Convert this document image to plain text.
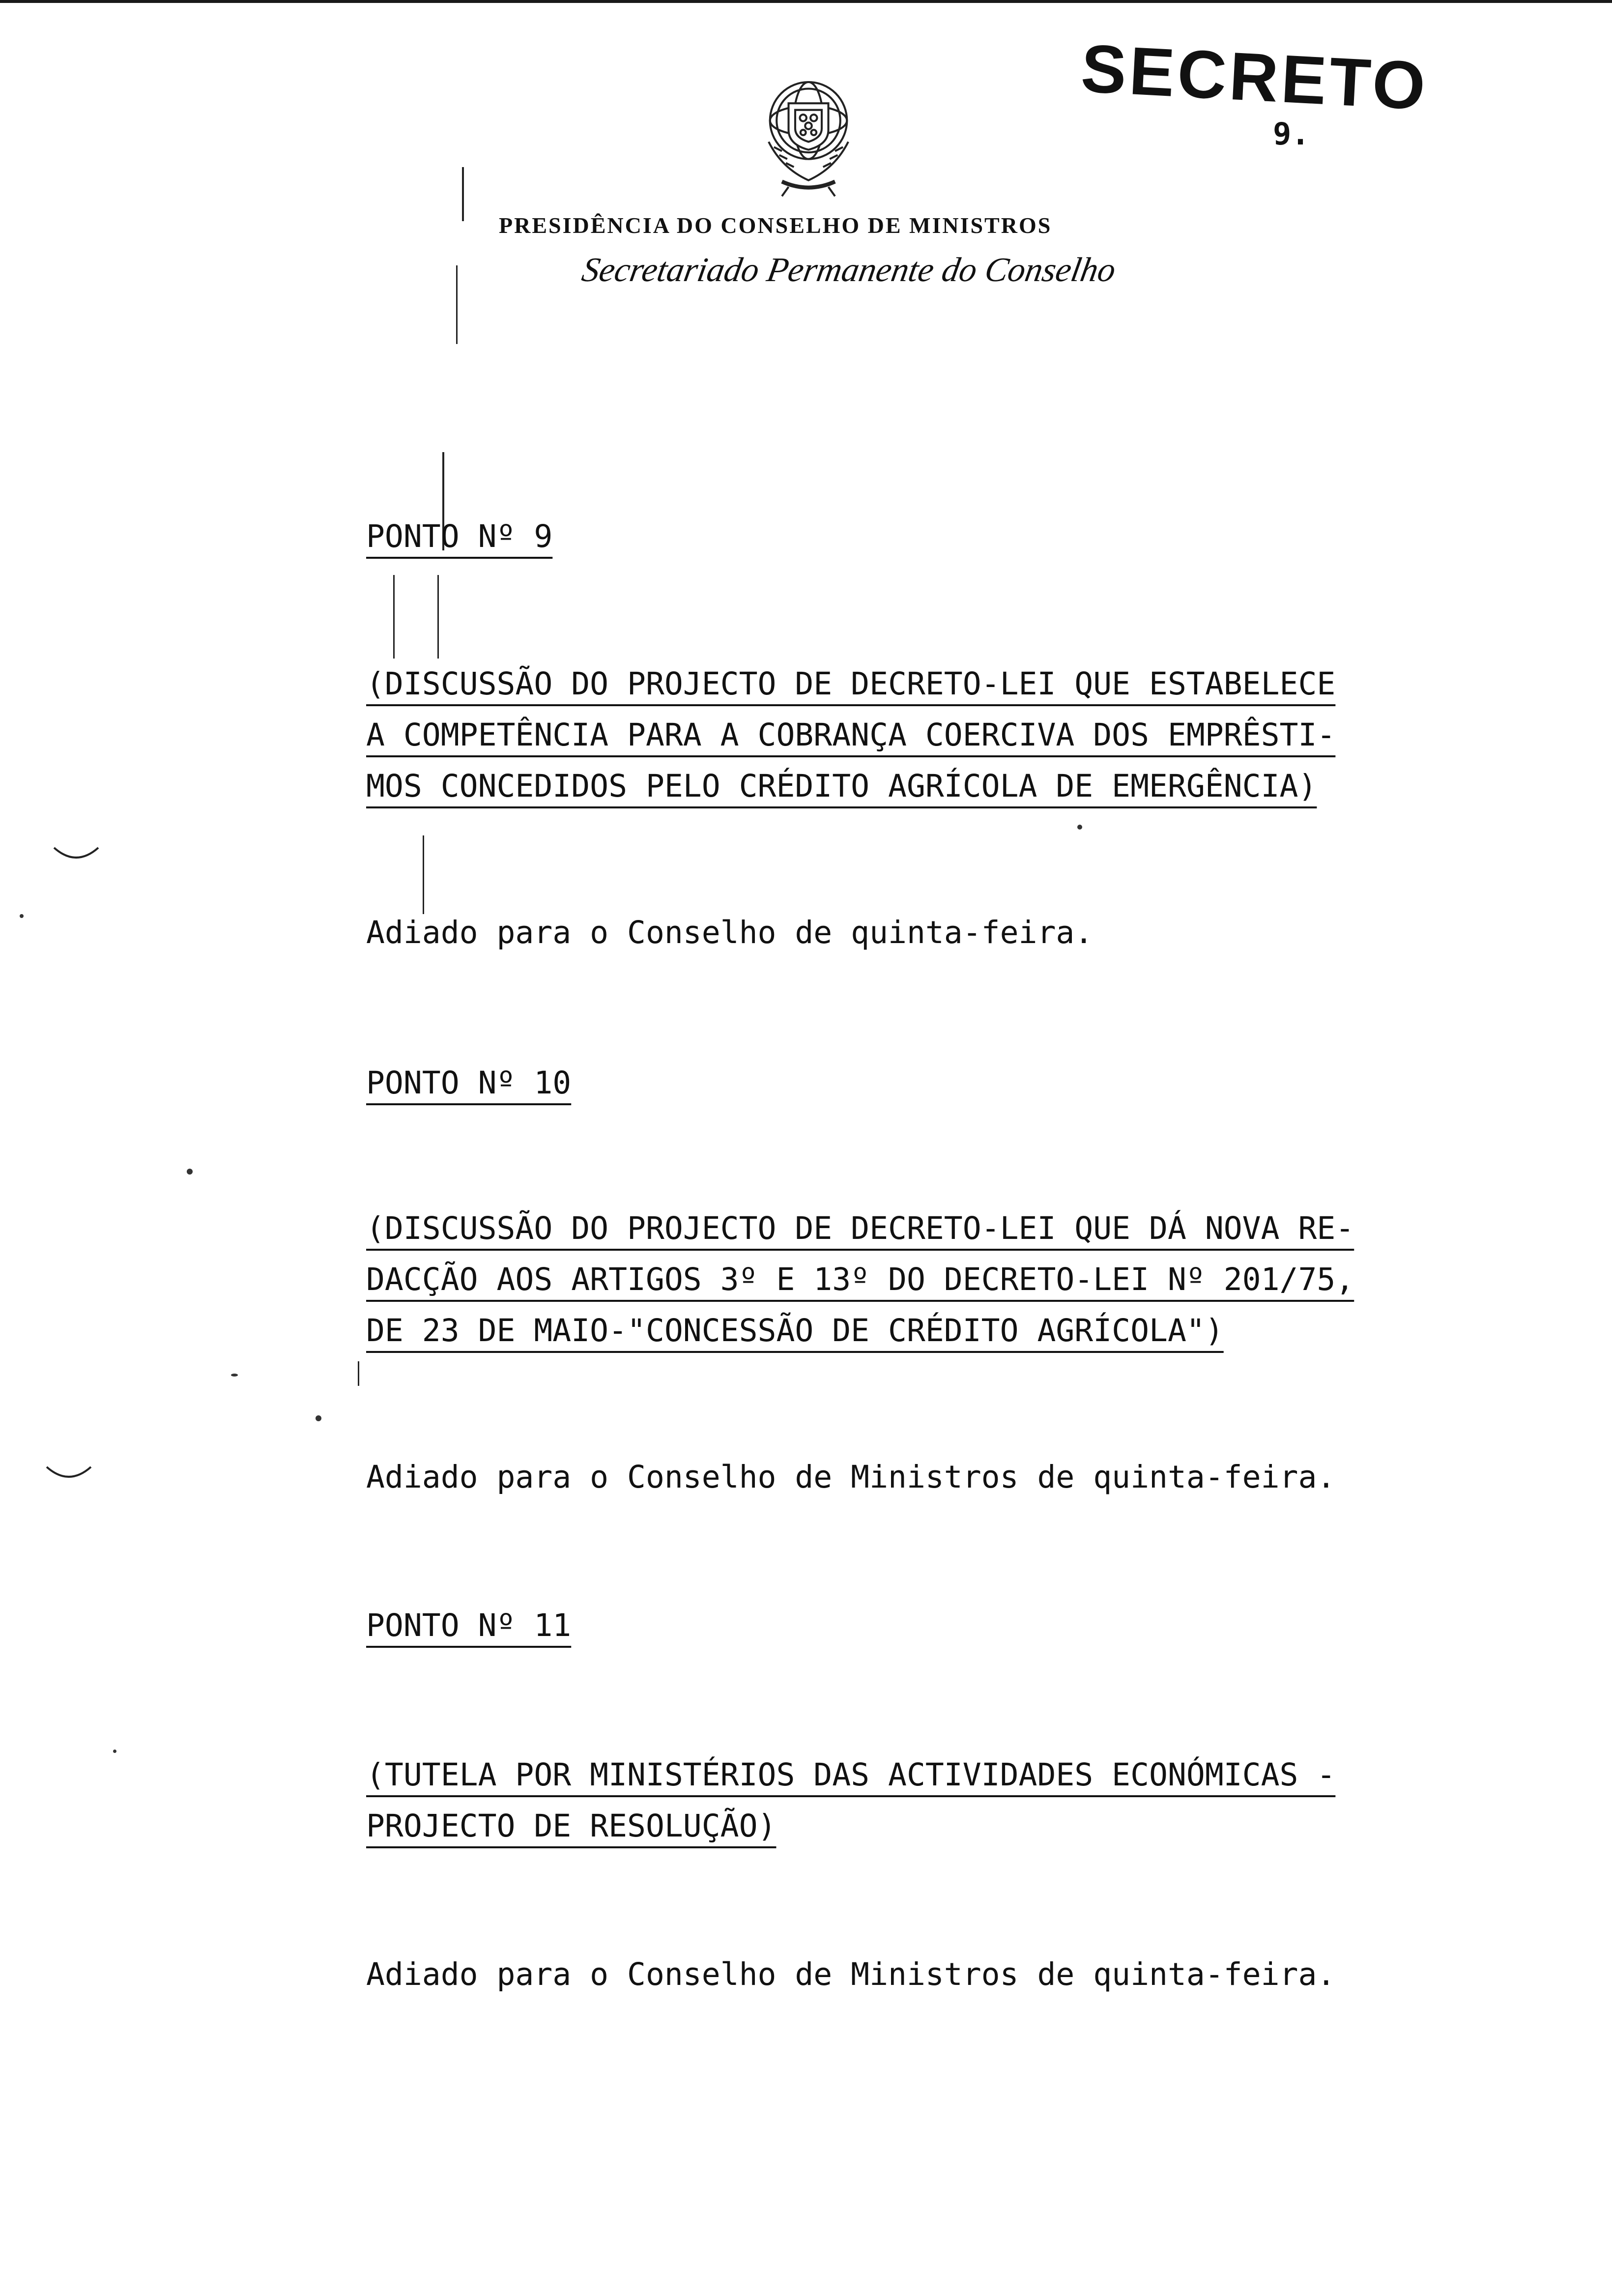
SECRETO
9.
PRESIDÊNCIA DO CONSELHO DE MINISTROS
Secretariado Permanente do Conselho
PONTO Nº 9
(DISCUSSÃO DO PROJECTO DE DECRETO-LEI QUE ESTABELECE
A COMPETÊNCIA PARA A COBRANÇA COERCIVA DOS EMPRÊSTI-
MOS CONCEDIDOS PELO CRÉDITO AGRÍCOLA DE EMERGÊNCIA)
Adiado para o Conselho de quinta-feira.
PONTO Nº 10
(DISCUSSÃO DO PROJECTO DE DECRETO-LEI QUE DÁ NOVA RE-
DACÇÃO AOS ARTIGOS 3º E 13º DO DECRETO-LEI Nº 201/75,
DE 23 DE MAIO-"CONCESSÃO DE CRÉDITO AGRÍCOLA")
Adiado para o Conselho de Ministros de quinta-feira.
PONTO Nº 11
(TUTELA POR MINISTÉRIOS DAS ACTIVIDADES ECONÓMICAS -
PROJECTO DE RESOLUÇÃO)
Adiado para o Conselho de Ministros de quinta-feira.
